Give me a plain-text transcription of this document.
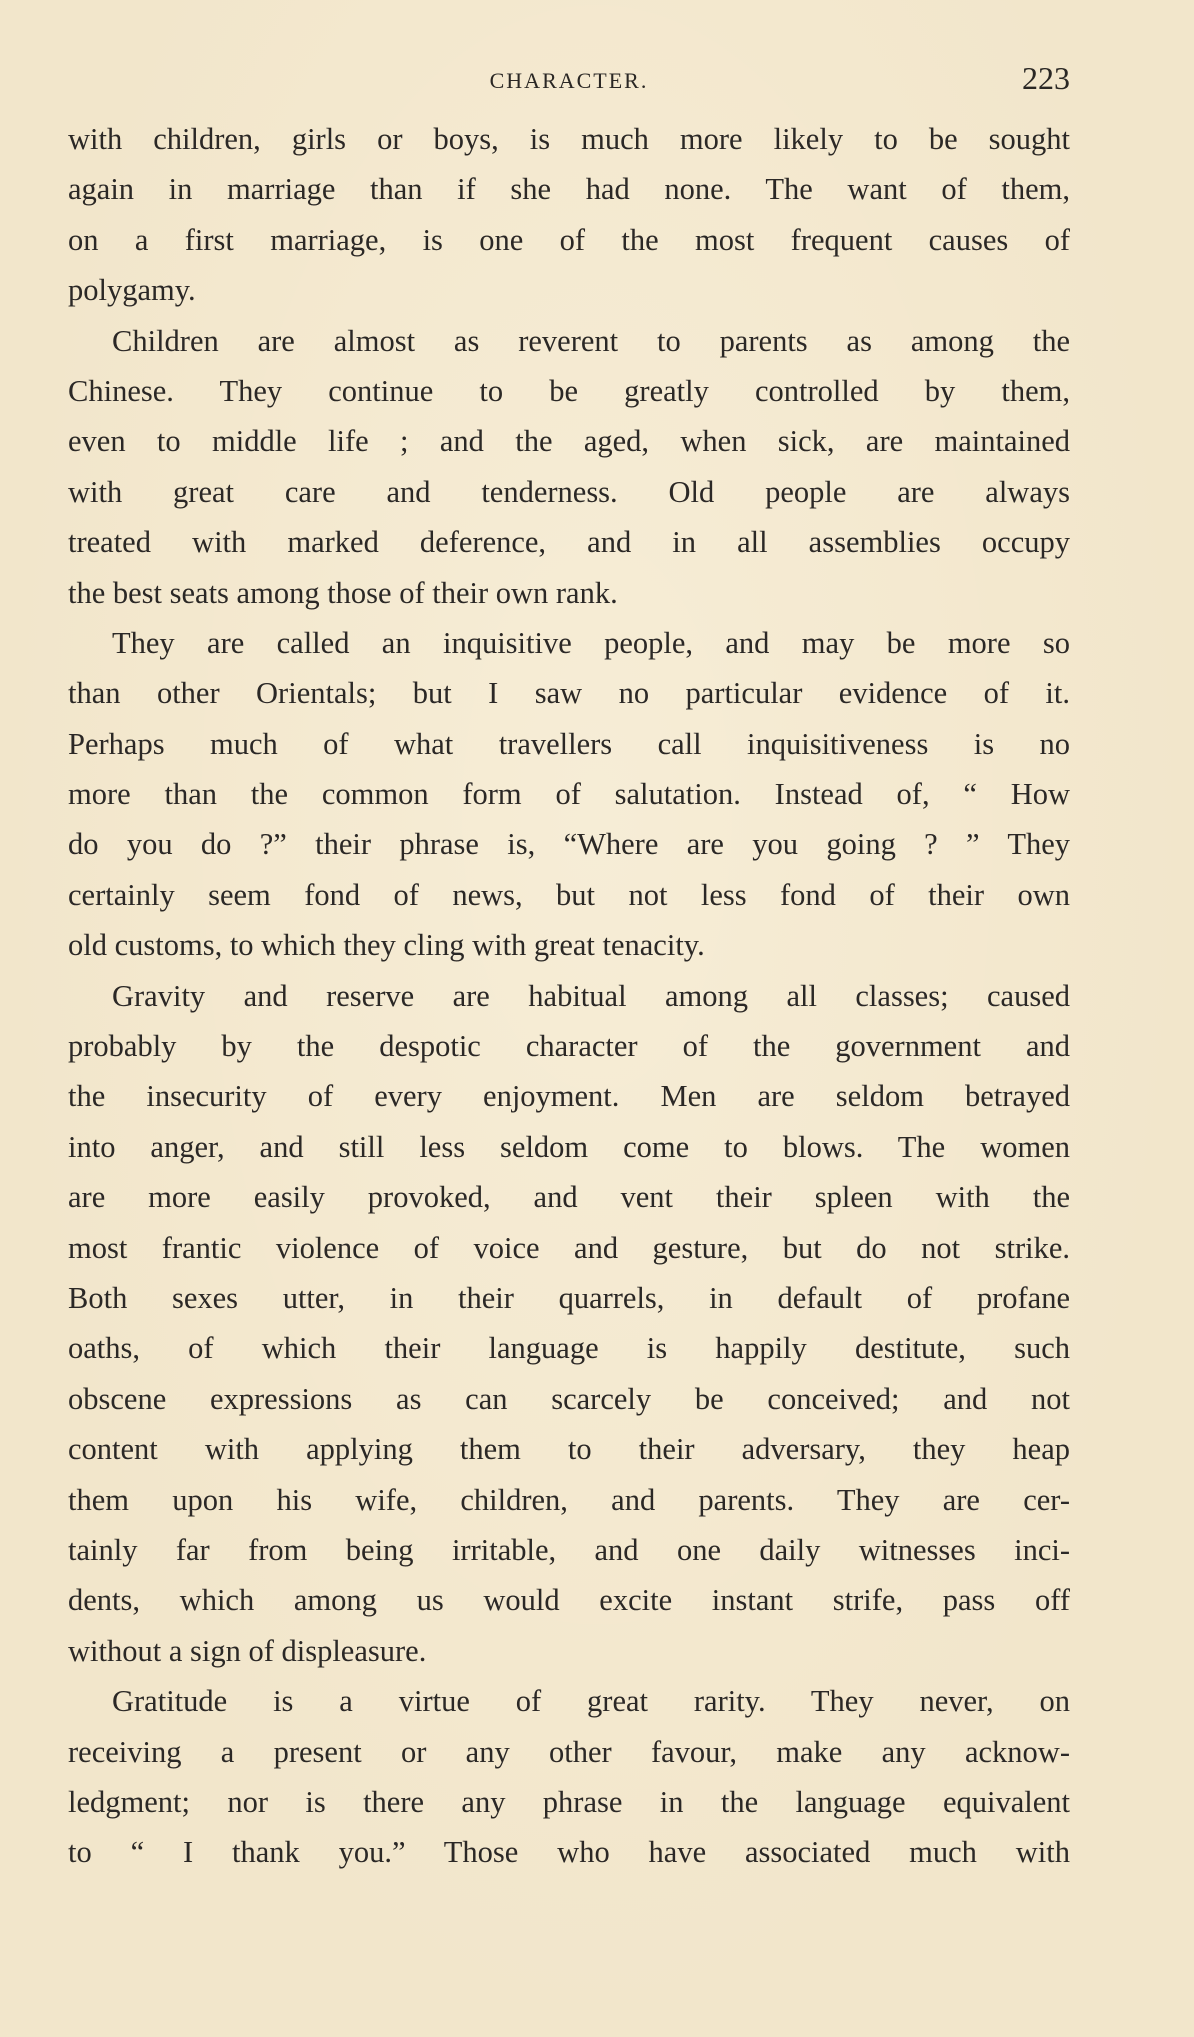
CHARACTER.	223
with children, girls or boys, is much more likely to be sought
again in marriage than if she had none. The want of them,
on a first marriage, is one of the most frequent causes of
polygamy.
Children are almost as reverent to parents as among the
Chinese. They continue to be greatly controlled by them,
even to middle life ; and the aged, when sick, are maintained
with great care and tenderness. Old people are always
treated with marked deference, and in all assemblies occupy
the best seats among those of their own rank.
They are called an inquisitive people, and may be more so
than other Orientals; but I saw no particular evidence of it.
Perhaps much of what travellers call inquisitiveness is no
more than the common form of salutation. Instead of, “ How
do you do ?” their phrase is, “Where are you going ? ” They
certainly seem fond of news, but not less fond of their own
old customs, to which they cling with great tenacity.
Gravity and reserve are habitual among all classes; caused
probably by the despotic character of the government and
the insecurity of every enjoyment. Men are seldom betrayed
into anger, and still less seldom come to blows. The women
are more easily provoked, and vent their spleen with the
most frantic violence of voice and gesture, but do not strike.
Both sexes utter, in their quarrels, in default of profane
oaths, of which their language is happily destitute, such
obscene expressions as can scarcely be conceived; and not
content with applying them to their adversary, they heap
them upon his wife, children, and parents. They are cer-
tainly far from being irritable, and one daily witnesses inci-
dents, which among us would excite instant strife, pass off
without a sign of displeasure.
Gratitude is a virtue of great rarity. They never, on
receiving a present or any other favour, make any acknow-
ledgment; nor is there any phrase in the language equivalent
to “ I thank you.” Those who have associated much with
